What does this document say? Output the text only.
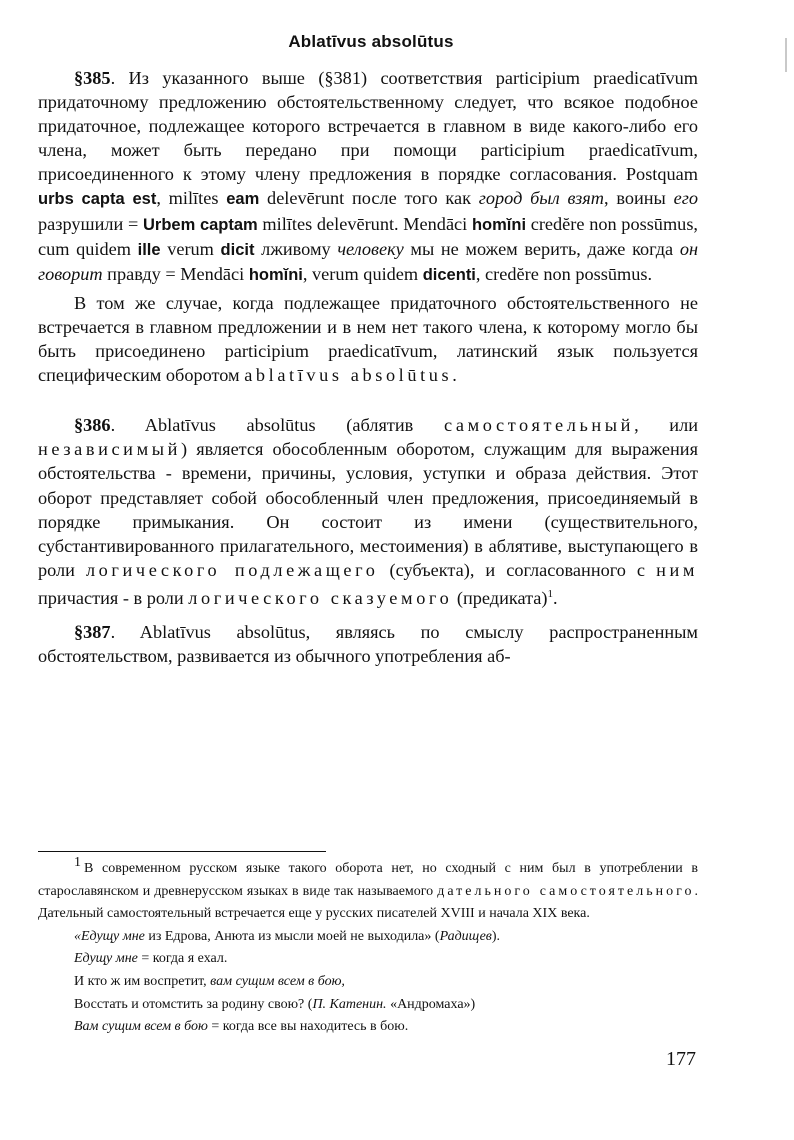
Ablatīvus absolūtus

§385. Из указанного выше (§381) соответствия participium praedicatīvum придаточному предложению обстоятельственному следует, что всякое подобное придаточное, подлежащее которого встречается в главном в виде какого-либо его члена, может быть передано при помощи participium praedicatīvum, присоединенного к этому члену предложения в порядке согласования. Postquam urbs capta est, milītes eam delevērunt после того как город был взят, воины его разрушили = Urbem captam milītes delevērunt. Mendāci homĭni credĕre non possūmus, cum quidem ille verum dicit лживому человеку мы не можем верить, даже когда он говорит правду = Mendāci homĭni, verum quidem dicenti, credĕre non possūmus.

В том же случае, когда подлежащее придаточного обстоятельственного не встречается в главном предложении и в нем нет такого члена, к которому могло бы быть присоединено participium praedicatīvum, латинский язык пользуется специфическим оборотом ablatīvus absolūtus.

§386. Ablatīvus absolūtus (аблятив самостоятельный, или независимый) является обособленным оборотом, служащим для выражения обстоятельства - времени, причины, условия, уступки и образа действия. Этот оборот представляет собой обособленный член предложения, присоединяемый в порядке примыкания. Он состоит из имени (существительного, субстантивированного прилагательного, местоимения) в аблятиве, выступающего в роли логического подлежащего (субъекта), и согласованного с ним причастия - в роли логического сказуемого (предиката)$^1$.

§387. Ablatīvus absolūtus, являясь по смыслу распространенным обстоятельством, развивается из обычного употребления аб-

1 В современном русском языке такого оборота нет, но сходный с ним был в употреблении в старославянском и древнерусском языках в виде так называемого дательного самостоятельного. Дательный самостоятельный встречается еще у русских писателей XVIII и начала XIX века.

«Едущу мне из Едрова, Анюта из мысли моей не выходила» (Радищев).

Едущу мне = когда я ехал.

И кто ж им воспретит, вам сущим всем в бою,

Восстать и отомстить за родину свою? (П. Катенин. «Андромаха»)

Вам сущим всем в бою = когда все вы находитесь в бою.

177
